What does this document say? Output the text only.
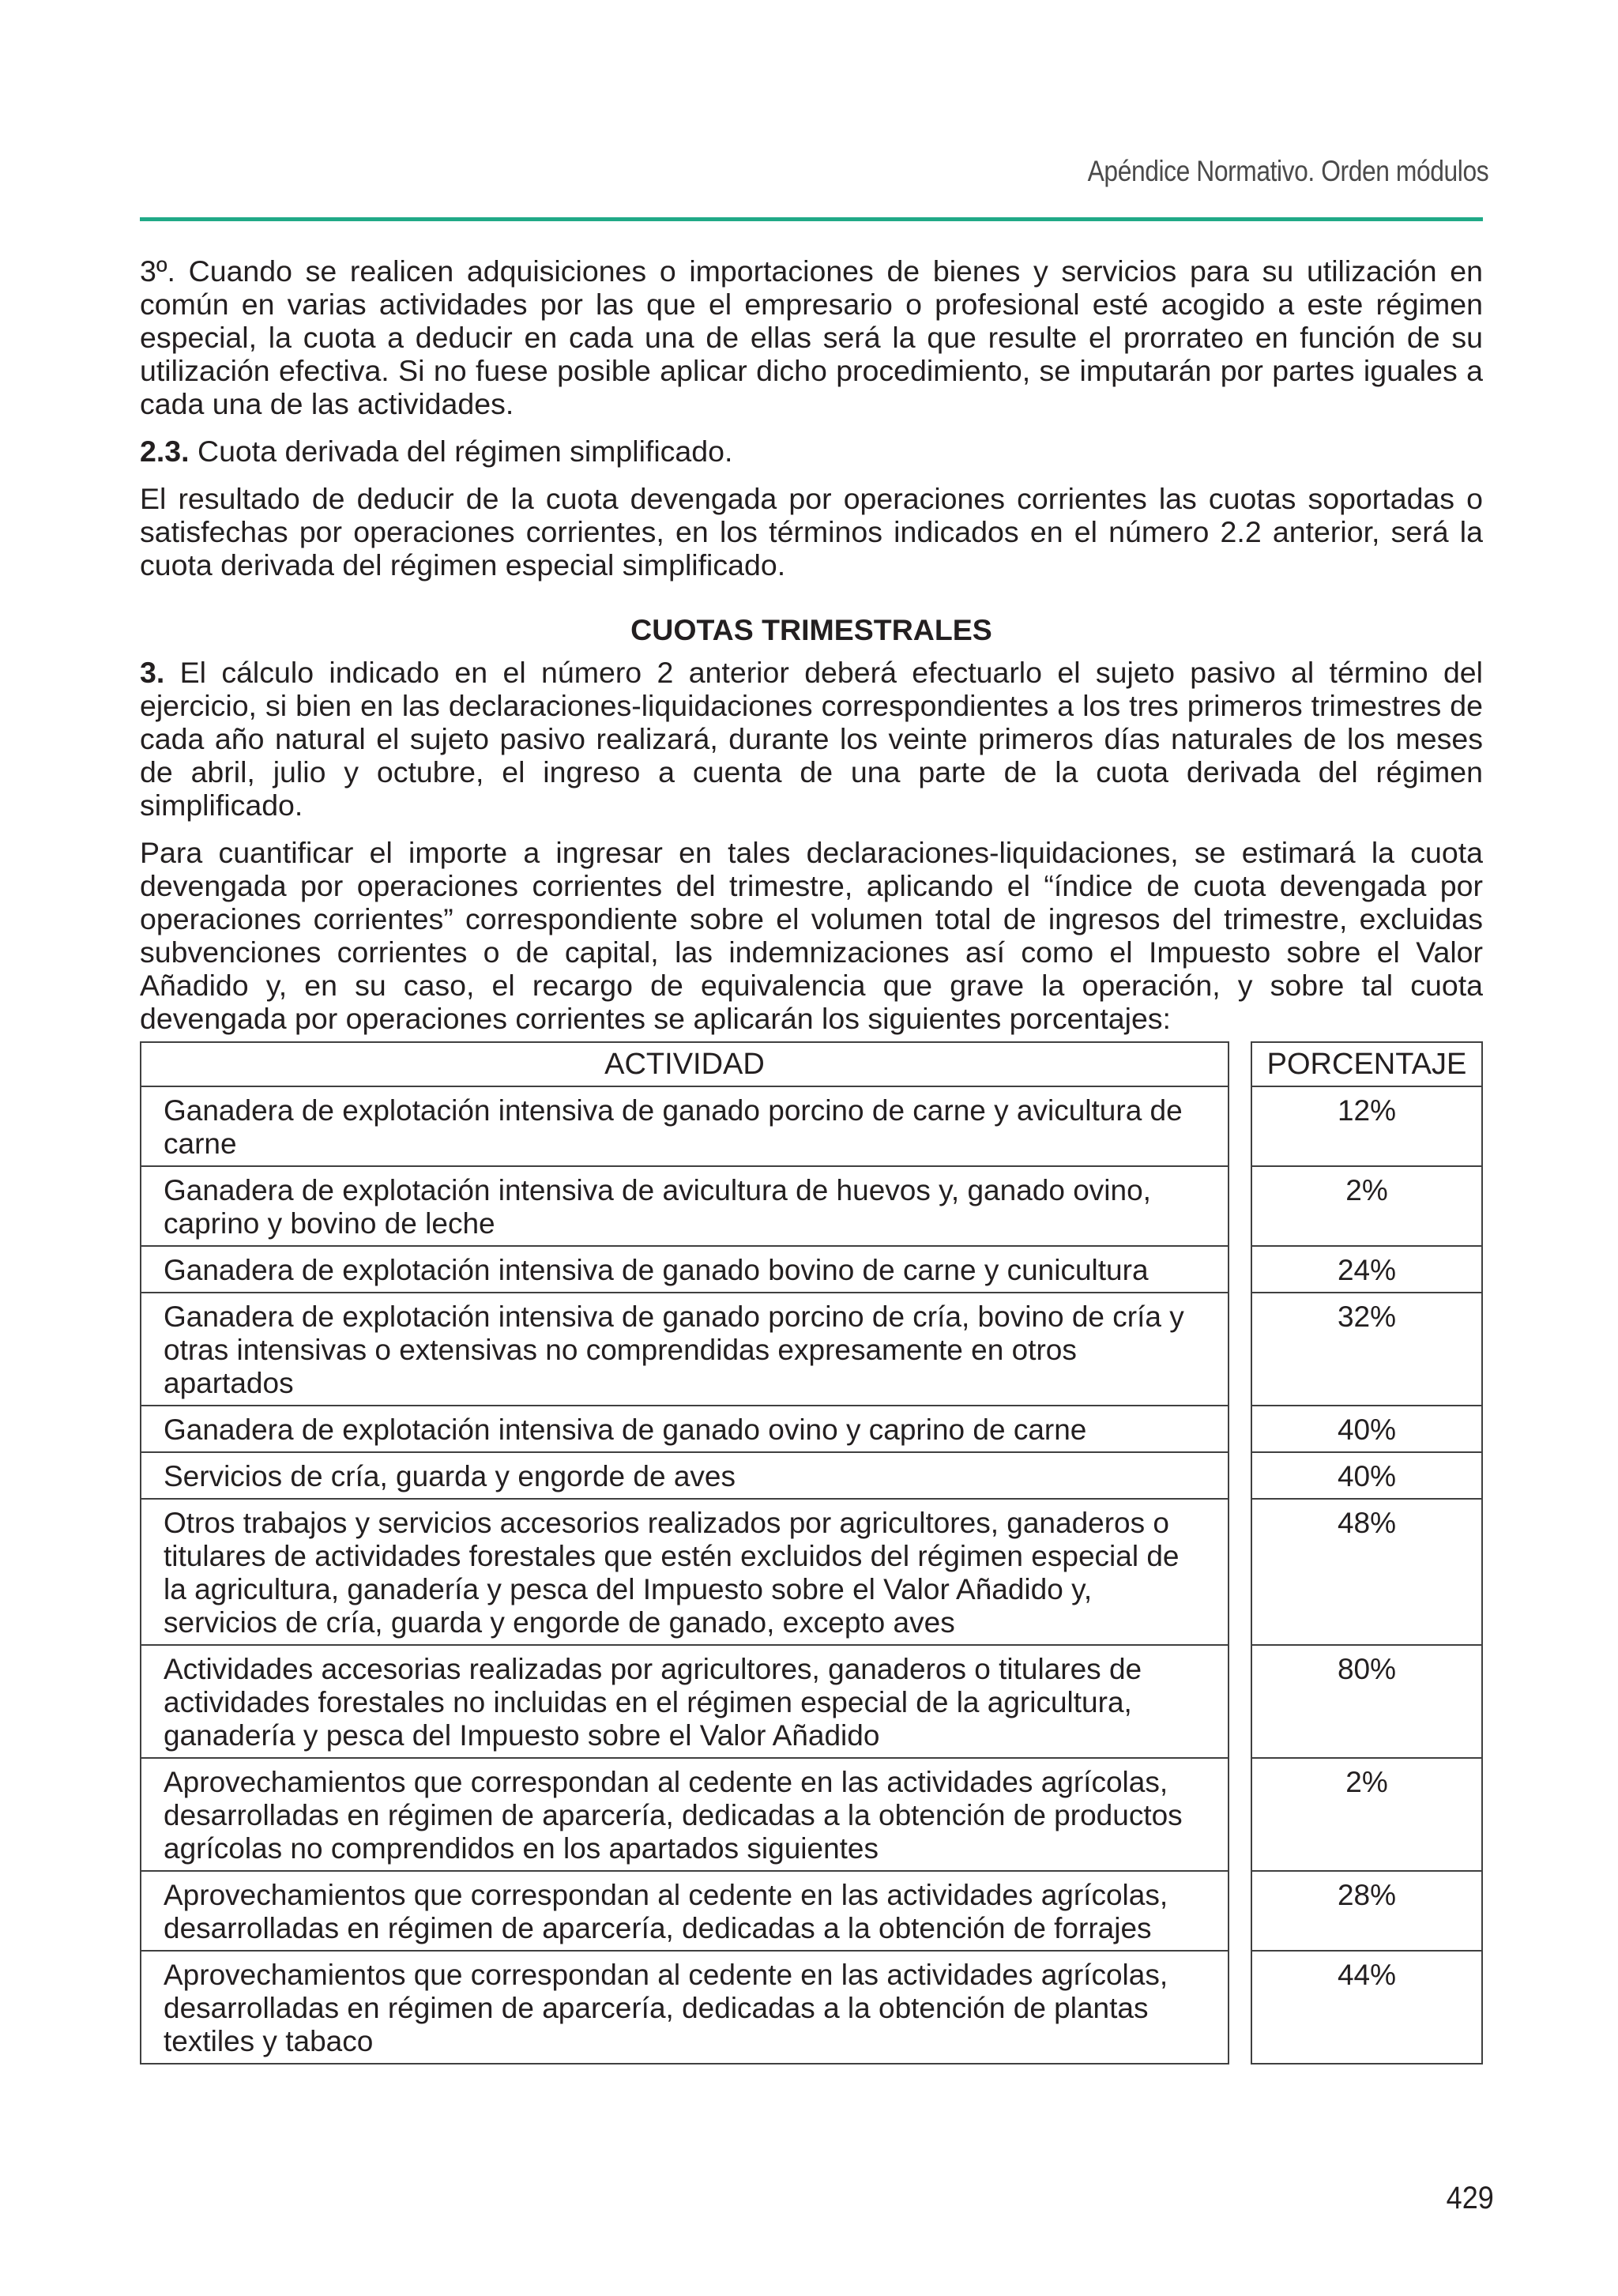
Apéndice Normativo. Orden módulos

3º. Cuando se realicen adquisiciones o importaciones de bienes y servicios para su utilización en común en varias actividades por las que el empresario o profesional esté acogido a este régimen especial, la cuota a deducir en cada una de ellas será la que resulte el prorrateo en función de su utilización efectiva. Si no fuese posible aplicar dicho procedimiento, se imputarán por partes iguales a cada una de las actividades.

2.3. Cuota derivada del régimen simplificado.

El resultado de deducir de la cuota devengada por operaciones corrientes las cuotas soportadas o satisfechas por operaciones corrientes, en los términos indicados en el número 2.2 anterior, será la cuota derivada del régimen especial simplificado.

CUOTAS TRIMESTRALES

3. El cálculo indicado en el número 2 anterior deberá efectuarlo el sujeto pasivo al término del ejercicio, si bien en las declaraciones-liquidaciones correspondientes a los tres primeros trimestres de cada año natural el sujeto pasivo realizará, durante los veinte primeros días naturales de los meses de abril, julio y octubre, el ingreso a cuenta de una parte de la cuota derivada del régimen simplificado.

Para cuantificar el importe a ingresar en tales declaraciones-liquidaciones, se estimará la cuota devengada por operaciones corrientes del trimestre, aplicando el “índice de cuota devengada por operaciones corrientes” correspondiente sobre el volumen total de ingresos del trimestre, excluidas subvenciones corrientes o de capital, las indemnizaciones así como el Impuesto sobre el Valor Añadido y, en su caso, el recargo de equivalencia que grave la operación, y sobre tal cuota devengada por operaciones corrientes se aplicarán los siguientes porcentajes:

ACTIVIDAD
Ganadera de explotación intensiva de ganado porcino de carne y avicultura de carne
Ganadera de explotación intensiva de avicultura de huevos y, ganado ovino, caprino y bovino de leche
Ganadera de explotación intensiva de ganado bovino de carne y cunicultura
Ganadera de explotación intensiva de ganado porcino de cría, bovino de cría y otras intensivas o extensivas no comprendidas expresamente en otros apartados
Ganadera de explotación intensiva de ganado ovino y caprino de carne
Servicios de cría, guarda y engorde de aves
Otros trabajos y servicios accesorios realizados por agricultores, ganaderos o titulares de actividades forestales que estén excluidos del régimen especial de la agricultura, ganadería y pesca del Impuesto sobre el Valor Añadido y, servicios de cría, guarda y engorde de ganado, excepto aves
Actividades accesorias realizadas por agricultores, ganaderos o titulares de actividades forestales no incluidas en el régimen especial de la agricultura, ganadería y pesca del Impuesto sobre el Valor Añadido
Aprovechamientos que correspondan al cedente en las actividades agrícolas, desarrolladas en régimen de aparcería, dedicadas a la obtención de productos agrícolas no comprendidos en los apartados siguientes
Aprovechamientos que correspondan al cedente en las actividades agrícolas, desarrolladas en régimen de aparcería, dedicadas a la obtención de forrajes
Aprovechamientos que correspondan al cedente en las actividades agrícolas, desarrolladas en régimen de aparcería, dedicadas a la obtención de plantas textiles y tabaco
PORCENTAJE
12%
2%
24%
32%
40%
40%
48%
80%
2%
28%
44%
429
